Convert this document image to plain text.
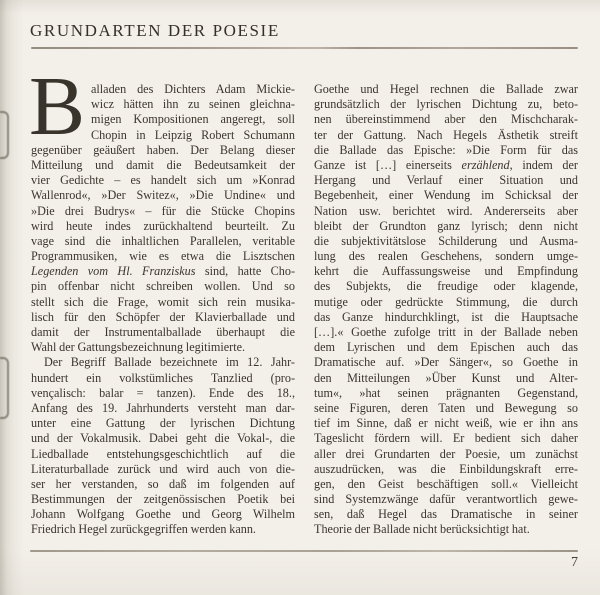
GRUNDARTEN DER POESIE
B alladen des Dichters Adam Mickie-
wicz hätten ihn zu seinen gleichna-
migen Kompositionen angeregt, soll
Chopin in Leipzig Robert Schumann
gegenüber geäußert haben. Der Belang dieser
Mitteilung und damit die Bedeutsamkeit der
vier Gedichte – es handelt sich um »Konrad
Wallenrod«, »Der Switez«, »Die Undine« und
»Die drei Budrys« – für die Stücke Chopins
wird heute indes zurückhaltend beurteilt. Zu
vage sind die inhaltlichen Parallelen, veritable
Programmusiken, wie es etwa die Lisztschen
Legenden vom Hl. Franziskus sind, hatte Cho-
pin offenbar nicht schreiben wollen. Und so
stellt sich die Frage, womit sich rein musika-
lisch für den Schöpfer der Klavierballade und
damit der Instrumentalballade überhaupt die
Wahl der Gattungsbezeichnung legitimierte.
Der Begriff Ballade bezeichnete im 12. Jahr-
hundert ein volkstümliches Tanzlied (pro-
vençalisch: balar = tanzen). Ende des 18.,
Anfang des 19. Jahrhunderts versteht man dar-
unter eine Gattung der lyrischen Dichtung
und der Vokalmusik. Dabei geht die Vokal-, die
Liedballade entstehungsgeschichtlich auf die
Literaturballade zurück und wird auch von die-
ser her verstanden, so daß im folgenden auf
Bestimmungen der zeitgenössischen Poetik bei
Johann Wolfgang Goethe und Georg Wilhelm
Friedrich Hegel zurückgegriffen werden kann.
Goethe und Hegel rechnen die Ballade zwar
grundsätzlich der lyrischen Dichtung zu, beto-
nen übereinstimmend aber den Mischcharak-
ter der Gattung. Nach Hegels Ästhetik streift
die Ballade das Epische: »Die Form für das
Ganze ist […] einerseits erzählend, indem der
Hergang und Verlauf einer Situation und
Begebenheit, einer Wendung im Schicksal der
Nation usw. berichtet wird. Andererseits aber
bleibt der Grundton ganz lyrisch; denn nicht
die subjektivitätslose Schilderung und Ausma-
lung des realen Geschehens, sondern umge-
kehrt die Auffassungsweise und Empfindung
des Subjekts, die freudige oder klagende,
mutige oder gedrückte Stimmung, die durch
das Ganze hindurchklingt, ist die Hauptsache
[…].« Goethe zufolge tritt in der Ballade neben
dem Lyrischen und dem Epischen auch das
Dramatische auf. »Der Sänger«, so Goethe in
den Mitteilungen »Über Kunst und Alter-
tum«, »hat seinen prägnanten Gegenstand,
seine Figuren, deren Taten und Bewegung so
tief im Sinne, daß er nicht weiß, wie er ihn ans
Tageslicht fördern will. Er bedient sich daher
aller drei Grundarten der Poesie, um zunächst
auszudrücken, was die Einbildungskraft erre-
gen, den Geist beschäftigen soll.« Vielleicht
sind Systemzwänge dafür verantwortlich gewe-
sen, daß Hegel das Dramatische in seiner
Theorie der Ballade nicht berücksichtigt hat.
7
